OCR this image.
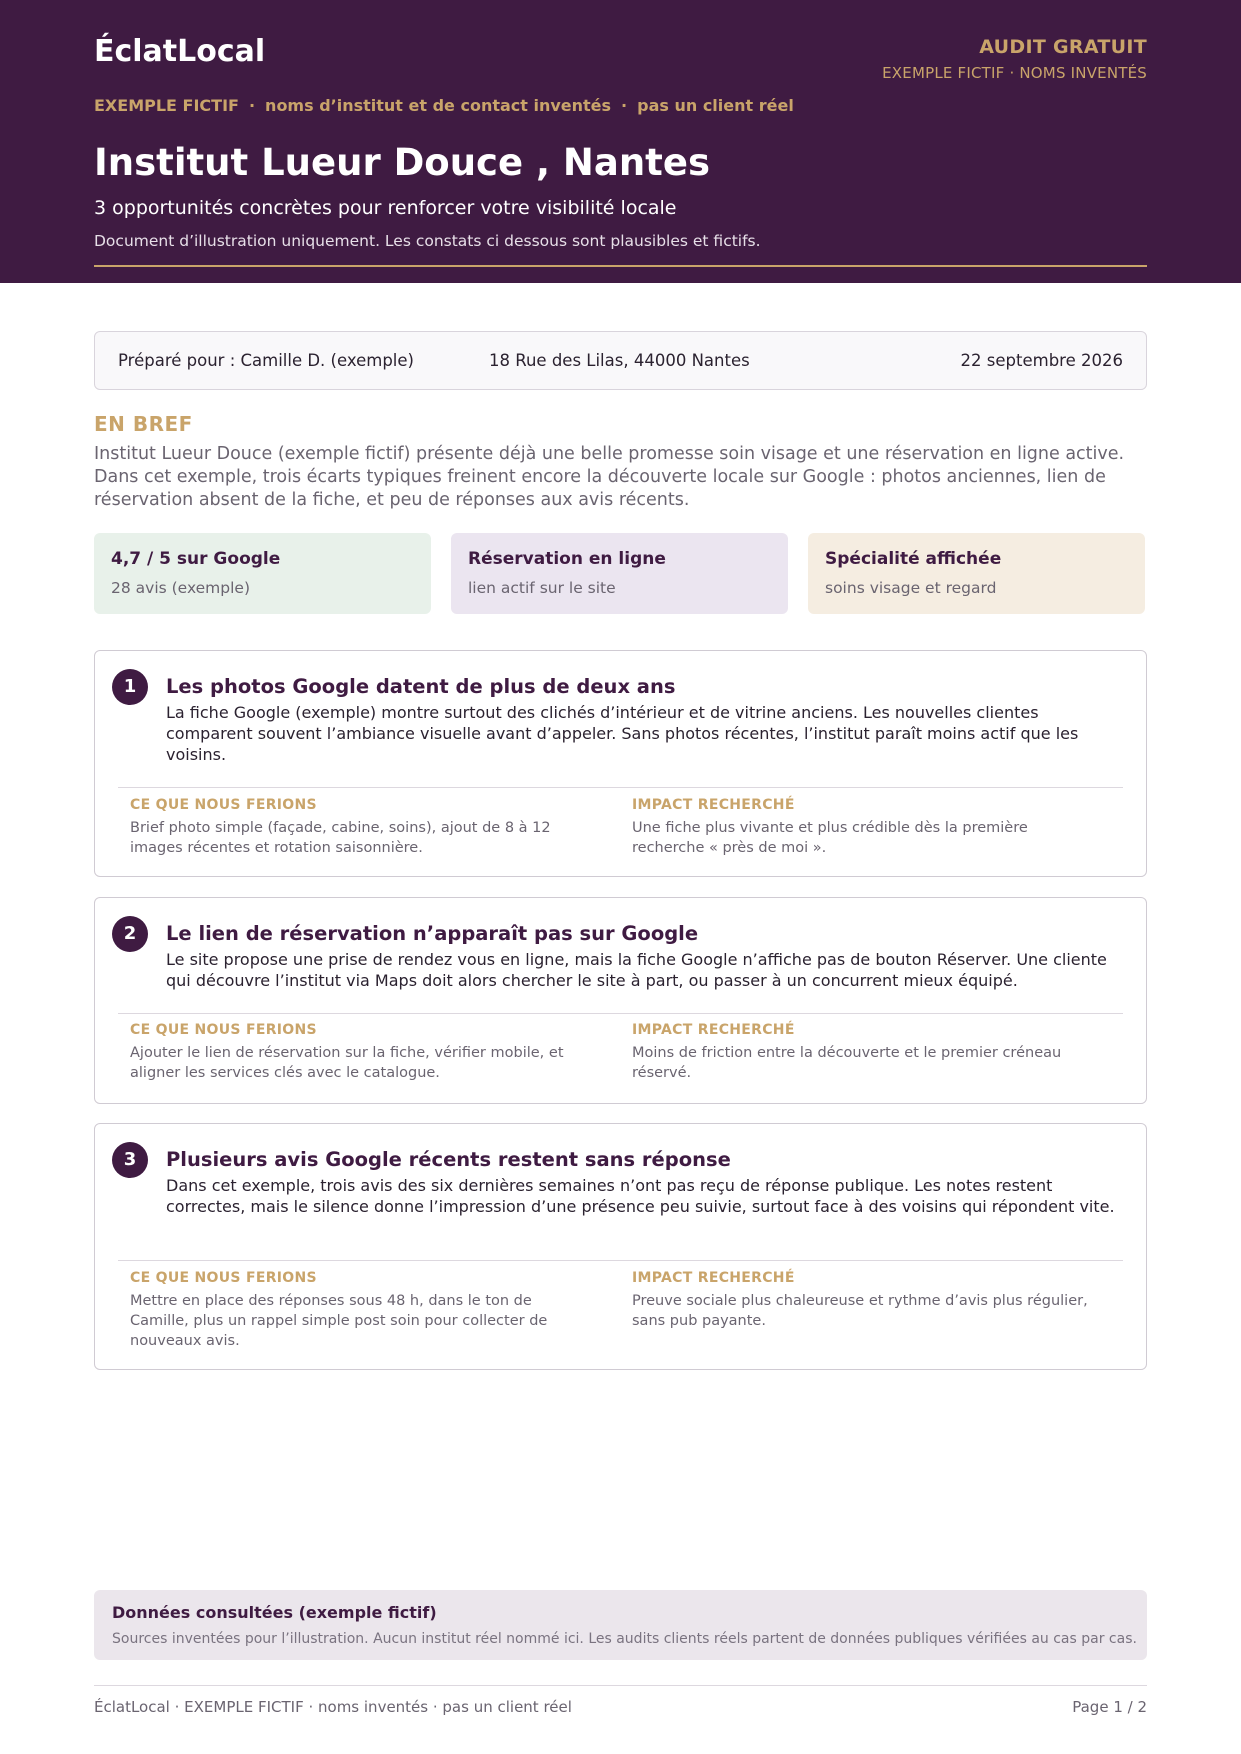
ÉclatLocal	AUDIT GRATUIT
EXEMPLE FICTIF · NOMS INVENTÉS
EXEMPLE FICTIF · noms d’institut et de contact inventés · pas un client réel
Institut Lueur Douce , Nantes
3 opportunités concrètes pour renforcer votre visibilité locale
Document d’illustration uniquement. Les constats ci dessous sont plausibles et fictifs.
Préparé pour : Camille D. (exemple)	18 Rue des Lilas, 44000 Nantes	22 septembre 2026
EN BREF
Institut Lueur Douce (exemple fictif) présente déjà une belle promesse soin visage et une réservation en ligne active. Dans cet exemple, trois écarts typiques freinent encore la découverte locale sur Google : photos anciennes, lien de réservation absent de la fiche, et peu de réponses aux avis récents.
4,7 / 5 sur Google
28 avis (exemple)
Réservation en ligne
lien actif sur le site
Spécialité affichée
soins visage et regard
1	Les photos Google datent de plus de deux ans
La fiche Google (exemple) montre surtout des clichés d’intérieur et de vitrine anciens. Les nouvelles clientes comparent souvent l’ambiance visuelle avant d’appeler. Sans photos récentes, l’institut paraît moins actif que les voisins.
CE QUE NOUS FERIONS
Brief photo simple (façade, cabine, soins), ajout de 8 à 12 images récentes et rotation saisonnière.
IMPACT RECHERCHÉ
Une fiche plus vivante et plus crédible dès la première recherche « près de moi ».
2	Le lien de réservation n’apparaît pas sur Google
Le site propose une prise de rendez vous en ligne, mais la fiche Google n’affiche pas de bouton Réserver. Une cliente qui découvre l’institut via Maps doit alors chercher le site à part, ou passer à un concurrent mieux équipé.
CE QUE NOUS FERIONS
Ajouter le lien de réservation sur la fiche, vérifier mobile, et aligner les services clés avec le catalogue.
IMPACT RECHERCHÉ
Moins de friction entre la découverte et le premier créneau réservé.
3	Plusieurs avis Google récents restent sans réponse
Dans cet exemple, trois avis des six dernières semaines n’ont pas reçu de réponse publique. Les notes restent correctes, mais le silence donne l’impression d’une présence peu suivie, surtout face à des voisins qui répondent vite.
CE QUE NOUS FERIONS
Mettre en place des réponses sous 48 h, dans le ton de Camille, plus un rappel simple post soin pour collecter de nouveaux avis.
IMPACT RECHERCHÉ
Preuve sociale plus chaleureuse et rythme d’avis plus régulier, sans pub payante.
Données consultées (exemple fictif)
Sources inventées pour l’illustration. Aucun institut réel nommé ici. Les audits clients réels partent de données publiques vérifiées au cas par cas.
ÉclatLocal · EXEMPLE FICTIF · noms inventés · pas un client réel	Page 1 / 2
